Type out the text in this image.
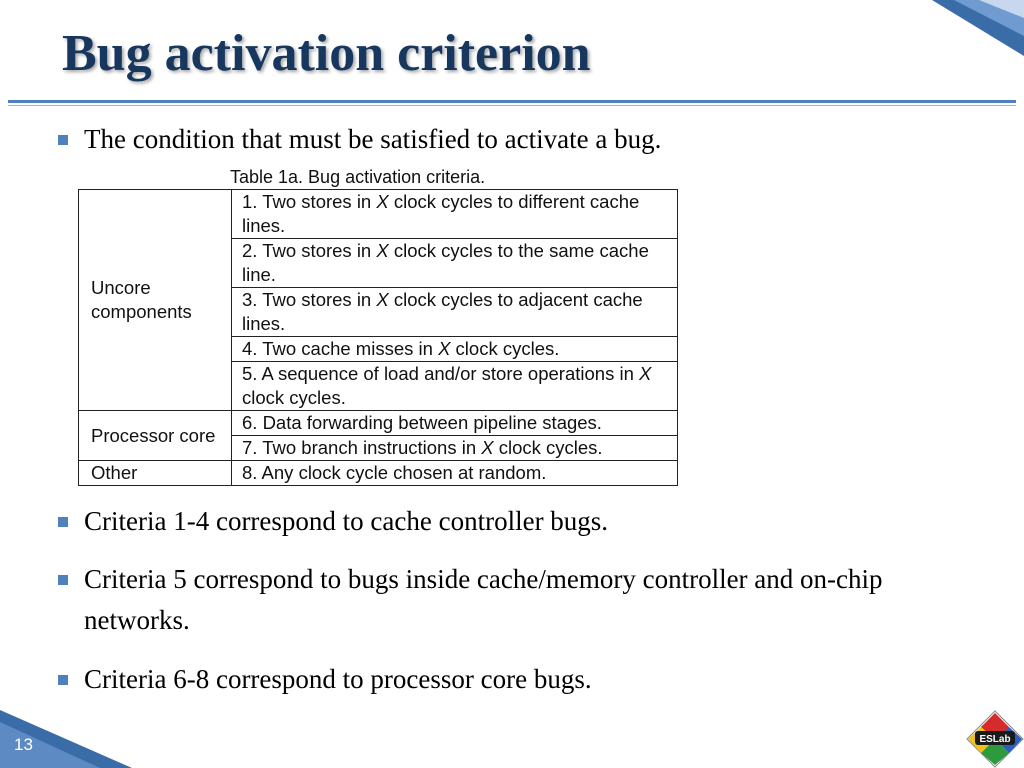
Bug activation criterion
The condition that must be satisfied to activate a bug.
Table 1a. Bug activation criteria.
Uncore components	1. Two stores in X clock cycles to different cache lines.
	2. Two stores in X clock cycles to the same cache line.
	3. Two stores in X clock cycles to adjacent cache lines.
	4. Two cache misses in X clock cycles.
	5. A sequence of load and/or store operations in X clock cycles.
Processor core	6. Data forwarding between pipeline stages.
	7. Two branch instructions in X clock cycles.
Other	8. Any clock cycle chosen at random.
Criteria 1-4 correspond to cache controller bugs.
Criteria 5 correspond to bugs inside cache/memory controller and on-chip networks.
Criteria 6-8 correspond to processor core bugs.
13	ESLab
